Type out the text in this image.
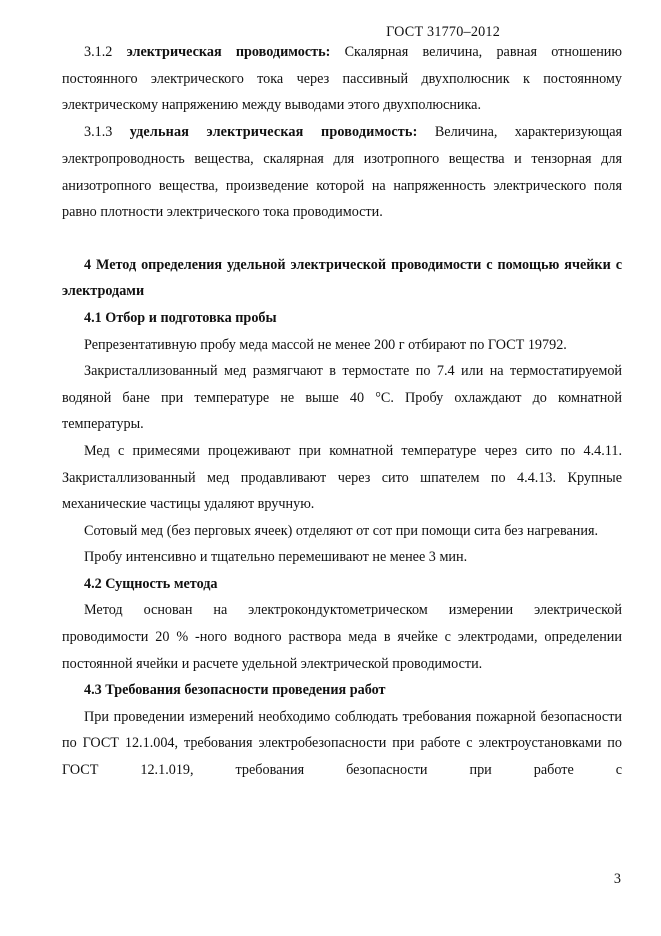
ГОСТ 31770–2012

3.1.2 электрическая проводимость: Скалярная величина, равная отношению постоянного электрического тока через пассивный двухполюсник к постоянному электрическому напряжению между выводами этого двухполюсника.

3.1.3 удельная электрическая проводимость: Величина, характеризующая электропроводность вещества, скалярная для изотропного вещества и тензорная для анизотропного вещества, произведение которой на напряженность электрического поля равно плотности электрического тока проводимости.

4 Метод определения удельной электрической проводимости с помощью ячейки с электродами

4.1 Отбор и подготовка пробы

Репрезентативную пробу меда массой не менее 200 г отбирают по ГОСТ 19792.

Закристаллизованный мед размягчают в термостате по 7.4 или на термостатируемой водяной бане при температуре не выше 40 °С. Пробу охлаждают до комнатной температуры.

Мед с примесями процеживают при комнатной температуре через сито по 4.4.11. Закристаллизованный мед продавливают через сито шпателем по 4.4.13. Крупные механические частицы удаляют вручную.

Сотовый мед (без перговых ячеек) отделяют от сот при помощи сита без нагревания.

Пробу интенсивно и тщательно перемешивают не менее 3 мин.

4.2 Сущность метода

Метод основан на электрокондуктометрическом измерении электрической проводимости 20 % -ного водного раствора меда в ячейке с электродами, определении постоянной ячейки и расчете удельной электрической проводимости.

4.3 Требования безопасности проведения работ

При проведении измерений необходимо соблюдать требования пожарной безопасности по ГОСТ 12.1.004, требования электробезопасности при работе с электроустановками по ГОСТ 12.1.019, требования безопасности при работе с

3
